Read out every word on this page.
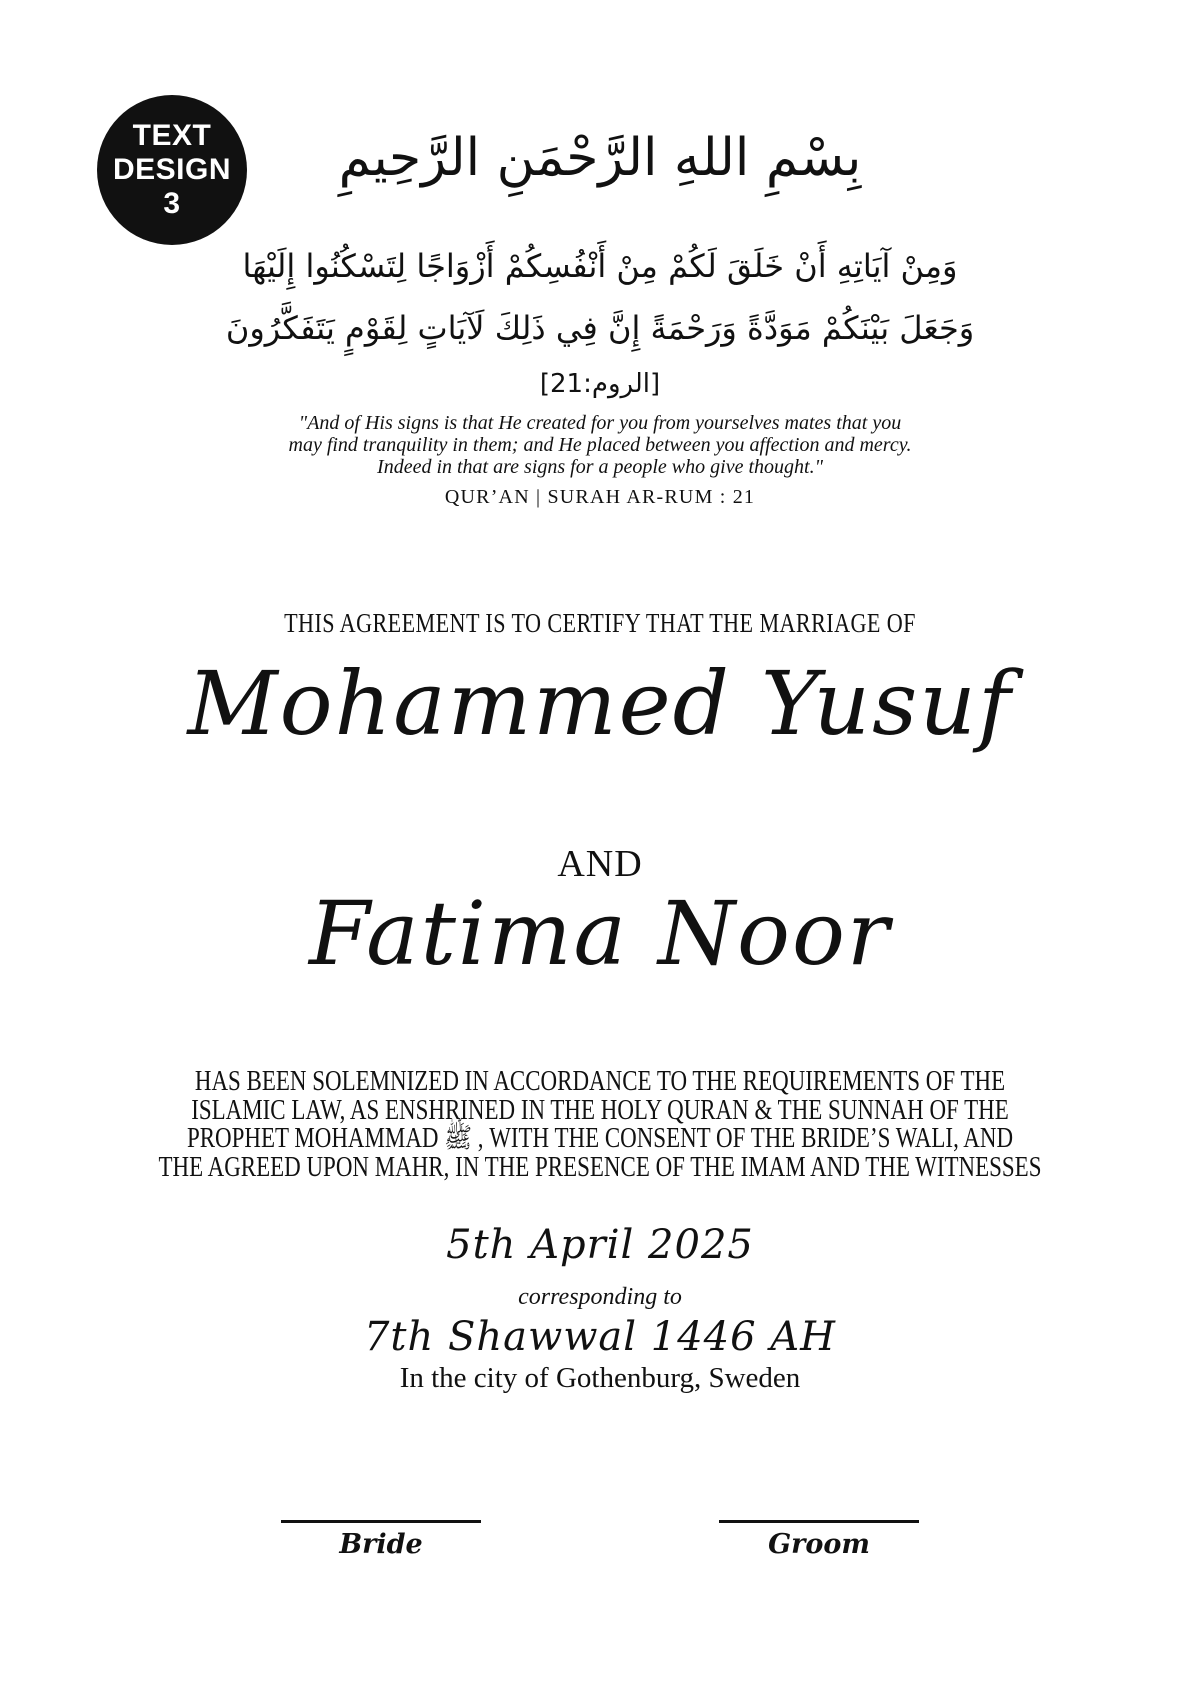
TEXT
DESIGN
3
بِسْمِ اللهِ الرَّحْمَنِ الرَّحِيمِ
وَمِنْ آيَاتِهِ أَنْ خَلَقَ لَكُمْ مِنْ أَنْفُسِكُمْ أَزْوَاجًا لِتَسْكُنُوا إِلَيْهَا
وَجَعَلَ بَيْنَكُمْ مَوَدَّةً وَرَحْمَةً إِنَّ فِي ذَلِكَ لَآيَاتٍ لِقَوْمٍ يَتَفَكَّرُونَ
[الروم:21]
"And of His signs is that He created for you from yourselves mates that you
may find tranquility in them; and He placed between you affection and mercy.
Indeed in that are signs for a people who give thought."
QUR’AN | SURAH AR-RUM : 21
THIS AGREEMENT IS TO CERTIFY THAT THE MARRIAGE OF
Mohammed Yusuf
AND
Fatima Noor
HAS BEEN SOLEMNIZED IN ACCORDANCE TO THE REQUIREMENTS OF THE
ISLAMIC LAW, AS ENSHRINED IN THE HOLY QURAN & THE SUNNAH OF THE
PROPHET MOHAMMAD ﷺ , WITH THE CONSENT OF THE BRIDE’S WALI, AND
THE AGREED UPON MAHR, IN THE PRESENCE OF THE IMAM AND THE WITNESSES
5th April 2025
corresponding to
7th Shawwal 1446 AH
In the city of Gothenburg, Sweden
Bride	Groom
